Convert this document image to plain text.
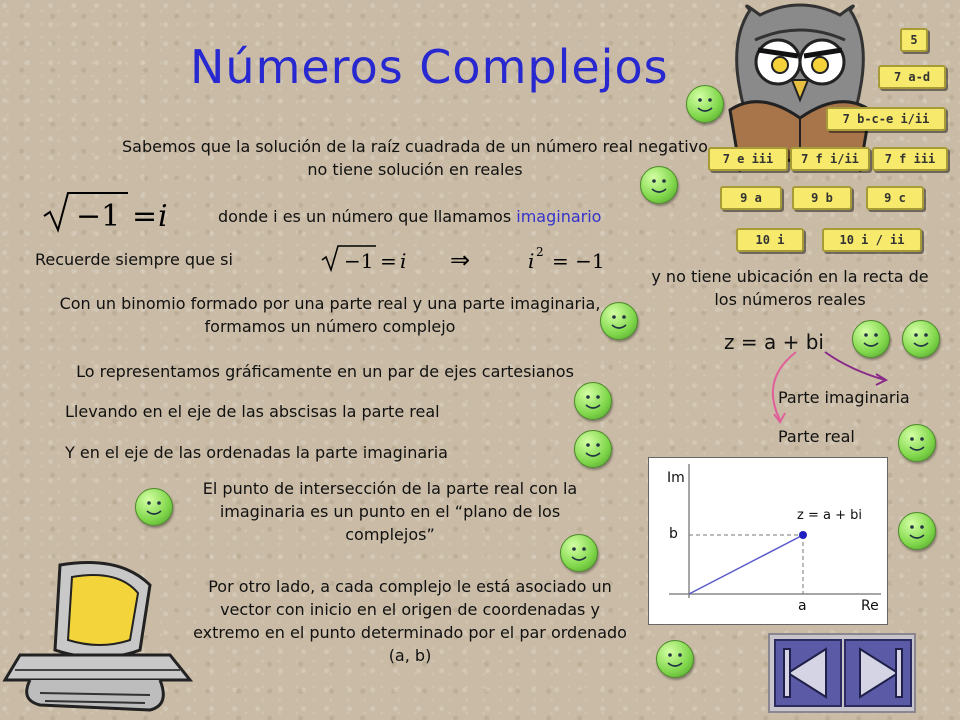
Números Complejos
Sabemos que la solución de la raíz cuadrada de un número real negativo no tiene solución en reales
−1 = i	donde i es un número que llamamos imaginario
Recuerde siempre que si	−1 = i ⇒	i 2 = −1
y no tiene ubicación en la recta de los números reales
Con un binomio formado por una parte real y una parte imaginaria, formamos un número complejo
z = a + bi
Lo representamos gráficamente en un par de ejes cartesianos
Parte imaginaria
Parte real
Llevando en el eje de las abscisas la parte real
Y en el eje de las ordenadas la parte imaginaria
El punto de intersección de la parte real con la imaginaria es un punto en el “plano de los complejos”
Por otro lado, a cada complejo le está asociado un vector con inicio en el origen de coordenadas y extremo en el punto determinado por el par ordenado (a, b)
Im
Re
b
a
z = a + bi
5
7 a-d
7 b-c-e i/ii
7 e iii	7 f i/ii	7 f iii
9 a	9 b	9 c
10 i	10 i / ii
